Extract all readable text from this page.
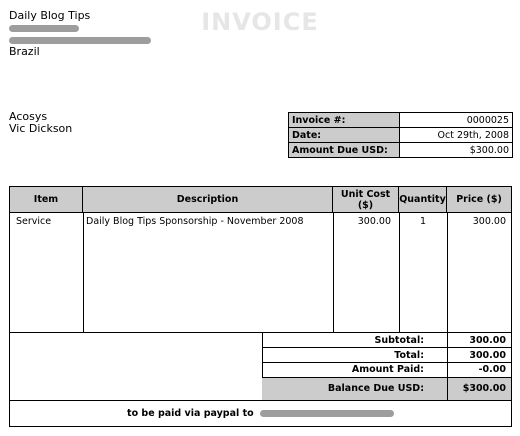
INVOICE
Daily Blog Tips
Brazil
Acosys
Vic Dickson
Invoice #:	0000025
Date:	Oct 29th, 2008
Amount Due USD:	$300.00
Item	Description	Unit Cost ($)	Quantity	Price ($)
Service	Daily Blog Tips Sponsorship - November 2008	300.00	1	300.00
Subtotal:	300.00
Total:	300.00
Amount Paid:	-0.00
Balance Due USD:	$300.00
to be paid via paypal to
